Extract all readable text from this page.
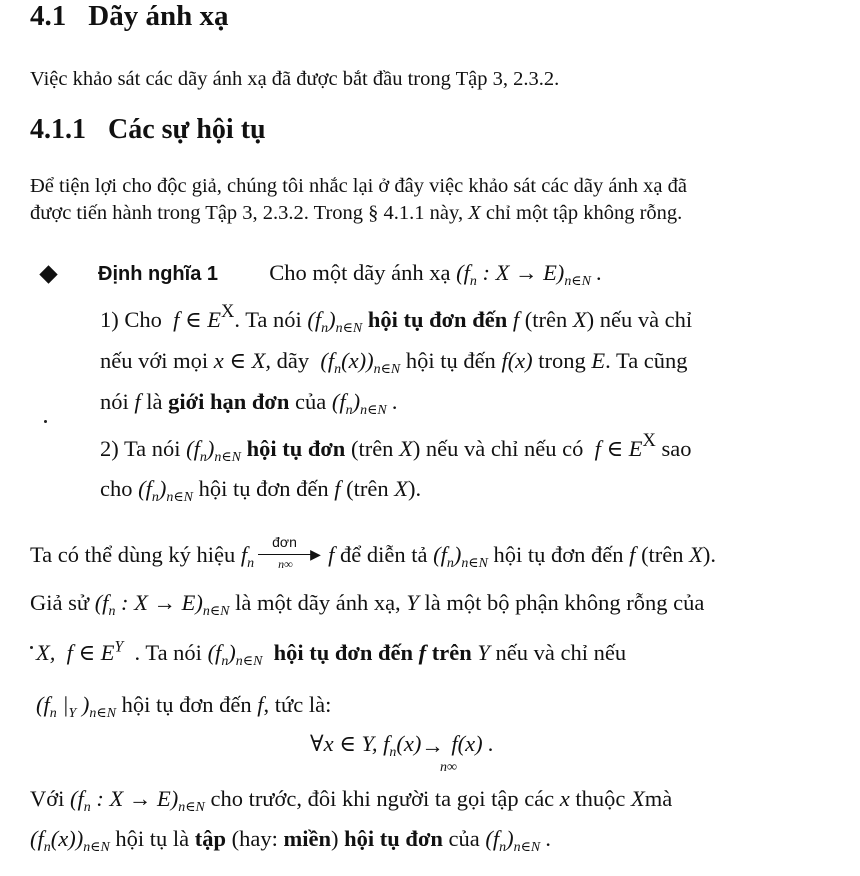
4.1 Dãy ánh xạ
Việc khảo sát các dãy ánh xạ đã được bắt đầu trong Tập 3, 2.3.2.
4.1.1 Các sự hội tụ
Để tiện lợi cho độc giả, chúng tôi nhắc lại ở đây việc khảo sát các dãy ánh xạ đã
được tiến hành trong Tập 3, 2.3.2. Trong § 4.1.1 này, X chỉ một tập không rỗng.
Định nghĩa 1 Cho một dãy ánh xạ ($f_n$ : $X \to E)_{n\in N}$ .
1) Cho  f ∈ $E^X$. Ta nói $(f_n)_{n\in N}$ hội tụ đơn đến f (trên X) nếu và chỉ
nếu với mọi x ∈ X, dãy $(f_n(x))_{n\in N}$ hội tụ đến f(x) trong E. Ta cũng
nói f là giới hạn đơn của $(f_n)_{n\in N}$ .
2) Ta nói $(f_n)_{n\in N}$ hội tụ đơn (trên X) nếu và chỉ nếu có  f ∈ $E^X$ sao
cho $(f_n)_{n\in N}$ hội tụ đơn đến f (trên X).
Ta có thể dùng ký hiệu $f_n$
đơn
▶
n∞ f để diễn tả $(f_n)_{n\in N}$ hội tụ đơn đến f (trên X).
Giả sử ($f_n$ : $X \to E)_{n\in N}$ là một dãy ánh xạ, Y là một bộ phận không rỗng của
X,  f ∈ $E^Y$ . Ta nói $(f_n)_{n\in N}$ hội tụ đơn đến f trên Y nếu và chỉ nếu
($f_n$ $|_Y$ )$_{n\in N}$ hội tụ đơn đến f, tức là:
∀x ∈ Y, $f_n(x)\to f(x)$ .
n∞
Với ($f_n$ : $X \to E)_{n\in N}$ cho trước, đôi khi người ta gọi tập các x thuộc Xmà
$(f_n(x))_{n\in N}$ hội tụ là tập (hay: miền) hội tụ đơn của $(f_n)_{n\in N}$ .
